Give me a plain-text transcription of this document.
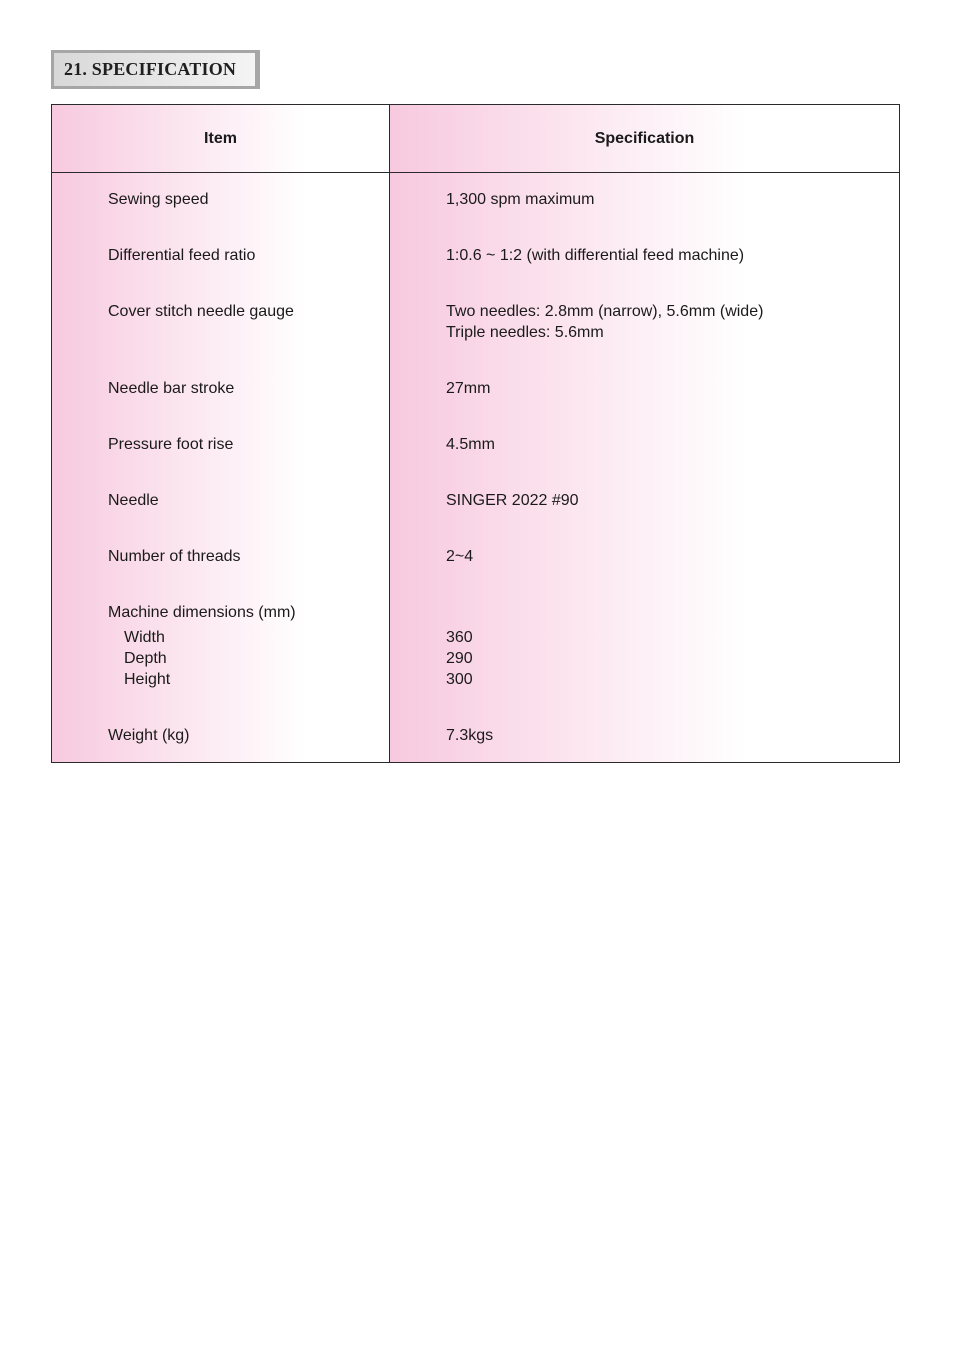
21. SPECIFICATION
Item
Sewing speed
Differential feed ratio
Cover stitch needle gauge
Needle bar stroke
Pressure foot rise
Needle
Number of threads
Machine dimensions (mm)
Width
Depth
Height
Weight (kg)
Specification
1,300 spm maximum
1:0.6 ~ 1:2 (with differential feed machine)
Two needles: 2.8mm (narrow), 5.6mm (wide)
Triple needles: 5.6mm
27mm
4.5mm
SINGER 2022 #90
2~4
360
290
300
7.3kgs
